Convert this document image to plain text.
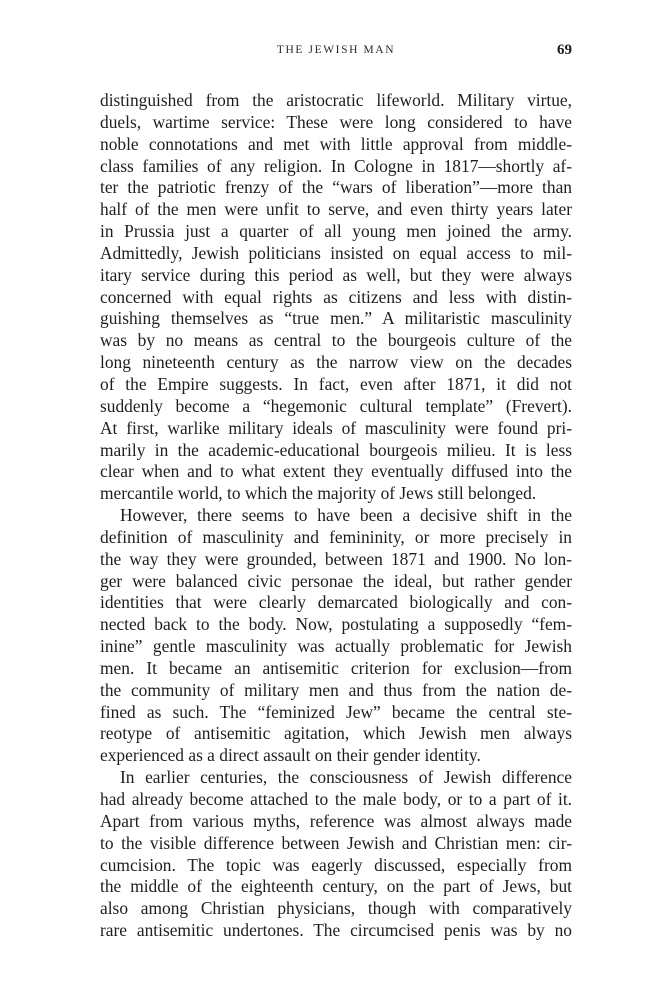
THE JEWISH MAN	69

distinguished from the aristocratic lifeworld. Military virtue,
duels, wartime service: These were long considered to have
noble connotations and met with little approval from middle-
class families of any religion. In Cologne in 1817—shortly af-
ter the patriotic frenzy of the “wars of liberation”—more than
half of the men were unfit to serve, and even thirty years later
in Prussia just a quarter of all young men joined the army.
Admittedly, Jewish politicians insisted on equal access to mil-
itary service during this period as well, but they were always
concerned with equal rights as citizens and less with distin-
guishing themselves as “true men.” A militaristic masculinity
was by no means as central to the bourgeois culture of the
long nineteenth century as the narrow view on the decades
of the Empire suggests. In fact, even after 1871, it did not
suddenly become a “hegemonic cultural template” (Frevert).
At first, warlike military ideals of masculinity were found pri-
marily in the academic-educational bourgeois milieu. It is less
clear when and to what extent they eventually diffused into the
mercantile world, to which the majority of Jews still belonged.

However, there seems to have been a decisive shift in the
definition of masculinity and femininity, or more precisely in
the way they were grounded, between 1871 and 1900. No lon-
ger were balanced civic personae the ideal, but rather gender
identities that were clearly demarcated biologically and con-
nected back to the body. Now, postulating a supposedly “fem-
inine” gentle masculinity was actually problematic for Jewish
men. It became an antisemitic criterion for exclusion—from
the community of military men and thus from the nation de-
fined as such. The “feminized Jew” became the central ste-
reotype of antisemitic agitation, which Jewish men always
experienced as a direct assault on their gender identity.

In earlier centuries, the consciousness of Jewish difference
had already become attached to the male body, or to a part of it.
Apart from various myths, reference was almost always made
to the visible difference between Jewish and Christian men: cir-
cumcision. The topic was eagerly discussed, especially from
the middle of the eighteenth century, on the part of Jews, but
also among Christian physicians, though with comparatively
rare antisemitic undertones. The circumcised penis was by no
